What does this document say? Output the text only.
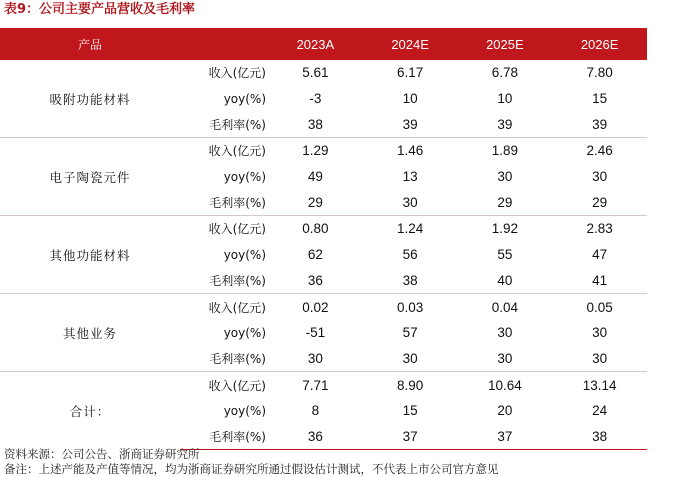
表9：公司主要产品营收及毛利率
产品		2023A	2024E	2025E	2026E
吸附功能材料	收入(亿元)	5.61	6.17	6.78	7.80
	yoy(%)	-3	10	10	15
	毛利率(%)	38	39	39	39
电子陶瓷元件	收入(亿元)	1.29	1.46	1.89	2.46
	yoy(%)	49	13	30	30
	毛利率(%)	29	30	29	29
其他功能材料	收入(亿元)	0.80	1.24	1.92	2.83
	yoy(%)	62	56	55	47
	毛利率(%)	36	38	40	41
其他业务	收入(亿元)	0.02	0.03	0.04	0.05
	yoy(%)	-51	57	30	30
	毛利率(%)	30	30	30	30
合计：	收入(亿元)	7.71	8.90	10.64	13.14
	yoy(%)	8	15	20	24
	毛利率(%)	36	37	37	38
资料来源：公司公告、浙商证券研究所
备注：上述产能及产值等情况，均为浙商证券研究所通过假设估计测试，不代表上市公司官方意见
